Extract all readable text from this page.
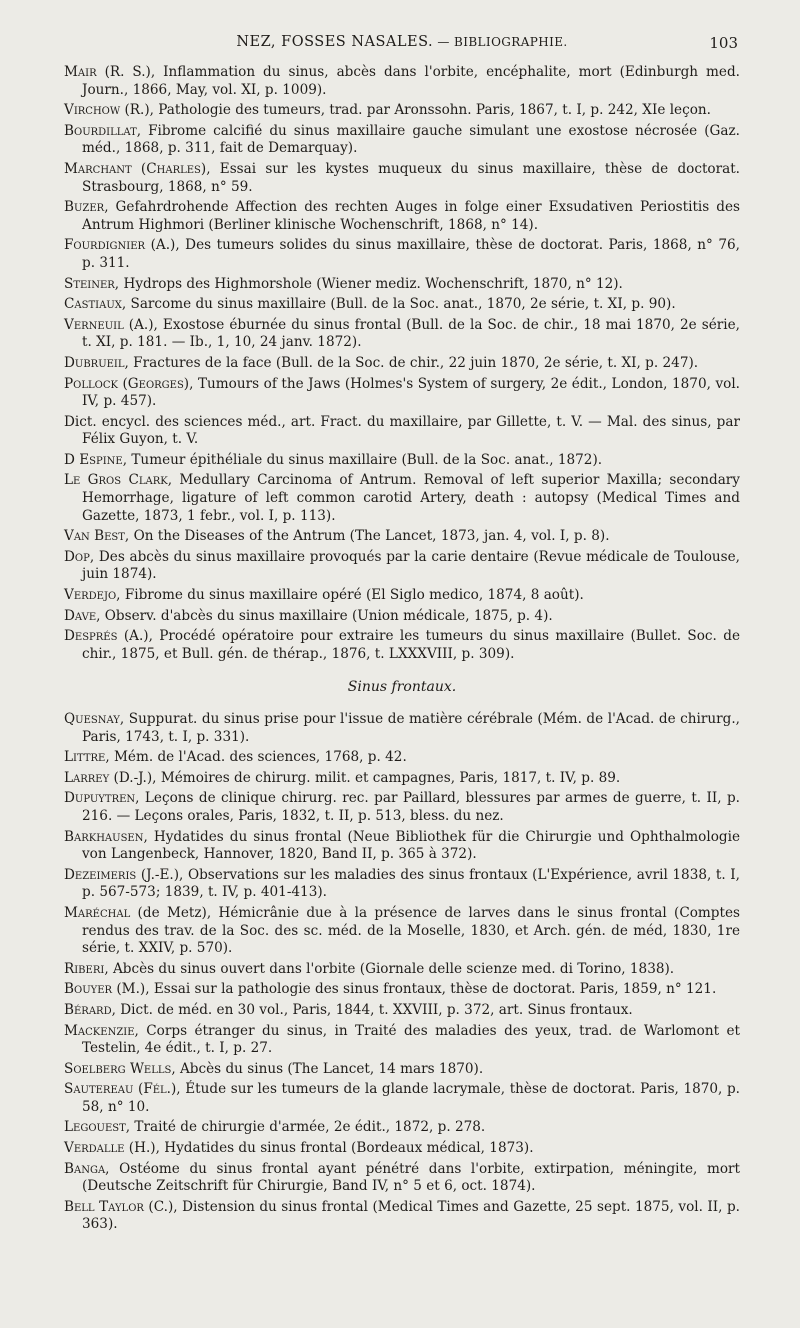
NEZ, FOSSES NASALES. — BIBLIOGRAPHIE.	103

Mair (R. S.), Inflammation du sinus, abcès dans l'orbite, encéphalite, mort (Edinburgh med. Journ., 1866, May, vol. XI, p. 1009).

Virchow (R.), Pathologie des tumeurs, trad. par Aronssohn. Paris, 1867, t. I, p. 242, XIe leçon.

Bourdillat, Fibrome calcifié du sinus maxillaire gauche simulant une exostose nécrosée (Gaz. méd., 1868, p. 311, fait de Demarquay).

Marchant (Charles), Essai sur les kystes muqueux du sinus maxillaire, thèse de doctorat. Strasbourg, 1868, n° 59.

Buzer, Gefahrdrohende Affection des rechten Auges in folge einer Exsudativen Periostitis des Antrum Highmori (Berliner klinische Wochenschrift, 1868, n° 14).

Fourdignier (A.), Des tumeurs solides du sinus maxillaire, thèse de doctorat. Paris, 1868, n° 76, p. 311.

Steiner, Hydrops des Highmorshole (Wiener mediz. Wochenschrift, 1870, n° 12).

Castiaux, Sarcome du sinus maxillaire (Bull. de la Soc. anat., 1870, 2e série, t. XI, p. 90).

Verneuil (A.), Exostose éburnée du sinus frontal (Bull. de la Soc. de chir., 18 mai 1870, 2e série, t. XI, p. 181. — Ib., 1, 10, 24 janv. 1872).

Dubrueil, Fractures de la face (Bull. de la Soc. de chir., 22 juin 1870, 2e série, t. XI, p. 247).

Pollock (Georges), Tumours of the Jaws (Holmes's System of surgery, 2e édit., London, 1870, vol. IV, p. 457).

Dict. encycl. des sciences méd., art. Fract. du maxillaire, par Gillette, t. V. — Mal. des sinus, par Félix Guyon, t. V.

D Espine, Tumeur épithéliale du sinus maxillaire (Bull. de la Soc. anat., 1872).

Le Gros Clark, Medullary Carcinoma of Antrum. Removal of left superior Maxilla; secondary Hemorrhage, ligature of left common carotid Artery, death : autopsy (Medical Times and Gazette, 1873, 1 febr., vol. I, p. 113).

Van Best, On the Diseases of the Antrum (The Lancet, 1873, jan. 4, vol. I, p. 8).

Dop, Des abcès du sinus maxillaire provoqués par la carie dentaire (Revue médicale de Toulouse, juin 1874).

Verdejo, Fibrome du sinus maxillaire opéré (El Siglo medico, 1874, 8 août).

Dave, Observ. d'abcès du sinus maxillaire (Union médicale, 1875, p. 4).

Després (A.), Procédé opératoire pour extraire les tumeurs du sinus maxillaire (Bullet. Soc. de chir., 1875, et Bull. gén. de thérap., 1876, t. LXXXVIII, p. 309).

Sinus frontaux.

Quesnay, Suppurat. du sinus prise pour l'issue de matière cérébrale (Mém. de l'Acad. de chirurg., Paris, 1743, t. I, p. 331).

Littre, Mém. de l'Acad. des sciences, 1768, p. 42.

Larrey (D.-J.), Mémoires de chirurg. milit. et campagnes, Paris, 1817, t. IV, p. 89.

Dupuytren, Leçons de clinique chirurg. rec. par Paillard, blessures par armes de guerre, t. II, p. 216. — Leçons orales, Paris, 1832, t. II, p. 513, bless. du nez.

Barkhausen, Hydatides du sinus frontal (Neue Bibliothek für die Chirurgie und Ophthalmologie von Langenbeck, Hannover, 1820, Band II, p. 365 à 372).

Dezeimeris (J.-E.), Observations sur les maladies des sinus frontaux (L'Expérience, avril 1838, t. I, p. 567-573; 1839, t. IV, p. 401-413).

Maréchal (de Metz), Hémicrânie due à la présence de larves dans le sinus frontal (Comptes rendus des trav. de la Soc. des sc. méd. de la Moselle, 1830, et Arch. gén. de méd, 1830, 1re série, t. XXIV, p. 570).

Riberi, Abcès du sinus ouvert dans l'orbite (Giornale delle scienze med. di Torino, 1838).

Bouyer (M.), Essai sur la pathologie des sinus frontaux, thèse de doctorat. Paris, 1859, n° 121.

Bérard, Dict. de méd. en 30 vol., Paris, 1844, t. XXVIII, p. 372, art. Sinus frontaux.

Mackenzie, Corps étranger du sinus, in Traité des maladies des yeux, trad. de Warlomont et Testelin, 4e édit., t. I, p. 27.

Soelberg Wells, Abcès du sinus (The Lancet, 14 mars 1870).

Sautereau (Fél.), Étude sur les tumeurs de la glande lacrymale, thèse de doctorat. Paris, 1870, p. 58, n° 10.

Legouest, Traité de chirurgie d'armée, 2e édit., 1872, p. 278.

Verdalle (H.), Hydatides du sinus frontal (Bordeaux médical, 1873).

Banga, Ostéome du sinus frontal ayant pénétré dans l'orbite, extirpation, méningite, mort (Deutsche Zeitschrift für Chirurgie, Band IV, n° 5 et 6, oct. 1874).

Bell Taylor (C.), Distension du sinus frontal (Medical Times and Gazette, 25 sept. 1875, vol. II, p. 363).
